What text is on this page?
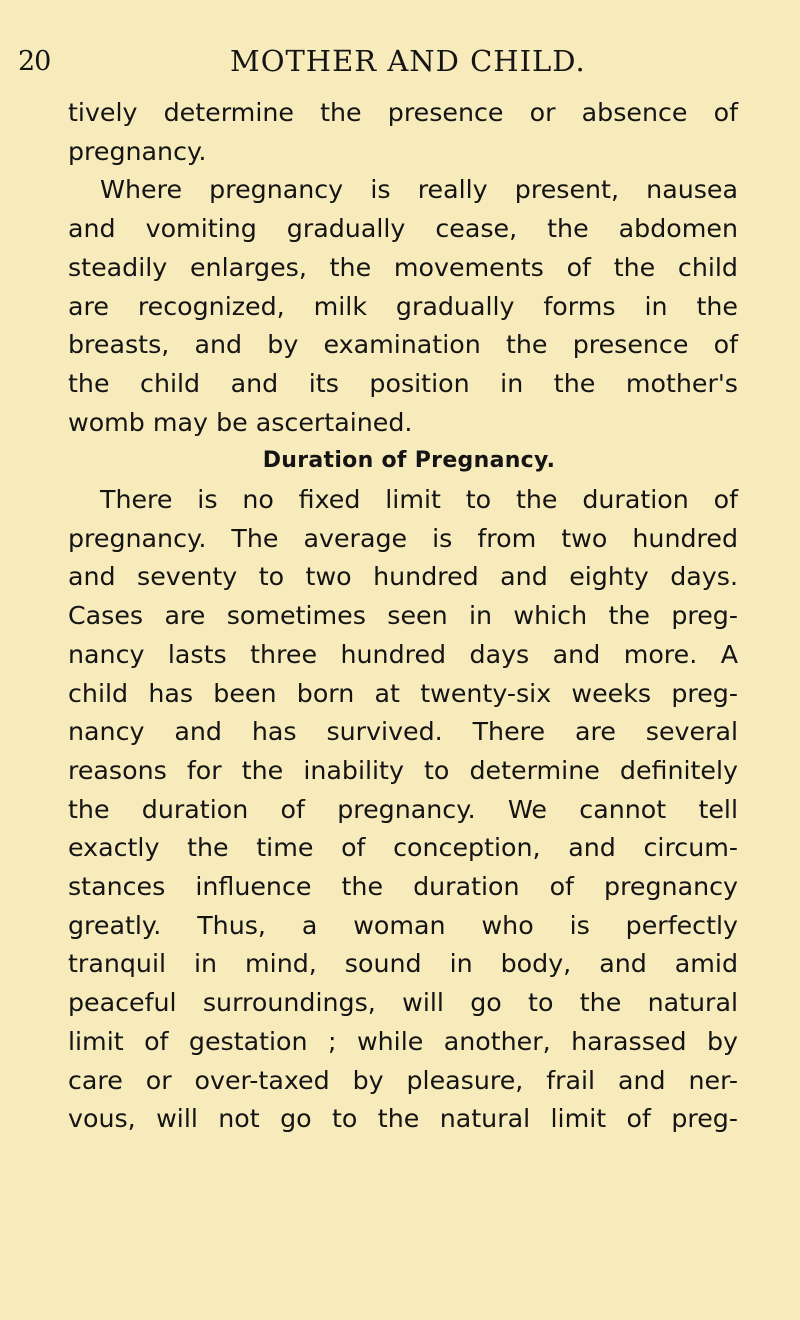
20	MOTHER AND CHILD.
tively determine the presence or absence of
pregnancy.
Where pregnancy is really present, nausea
and vomiting gradually cease, the abdomen
steadily enlarges, the movements of the child
are recognized, milk gradually forms in the
breasts, and by examination the presence of
the child and its position in the mother's
womb may be ascertained.
Duration of Pregnancy.
There is no fixed limit to the duration of
pregnancy. The average is from two hundred
and seventy to two hundred and eighty days.
Cases are sometimes seen in which the preg-
nancy lasts three hundred days and more. A
child has been born at twenty-six weeks preg-
nancy and has survived. There are several
reasons for the inability to determine definitely
the duration of pregnancy. We cannot tell
exactly the time of conception, and circum-
stances influence the duration of pregnancy
greatly. Thus, a woman who is perfectly
tranquil in mind, sound in body, and amid
peaceful surroundings, will go to the natural
limit of gestation ; while another, harassed by
care or over-taxed by pleasure, frail and ner-
vous, will not go to the natural limit of preg-
